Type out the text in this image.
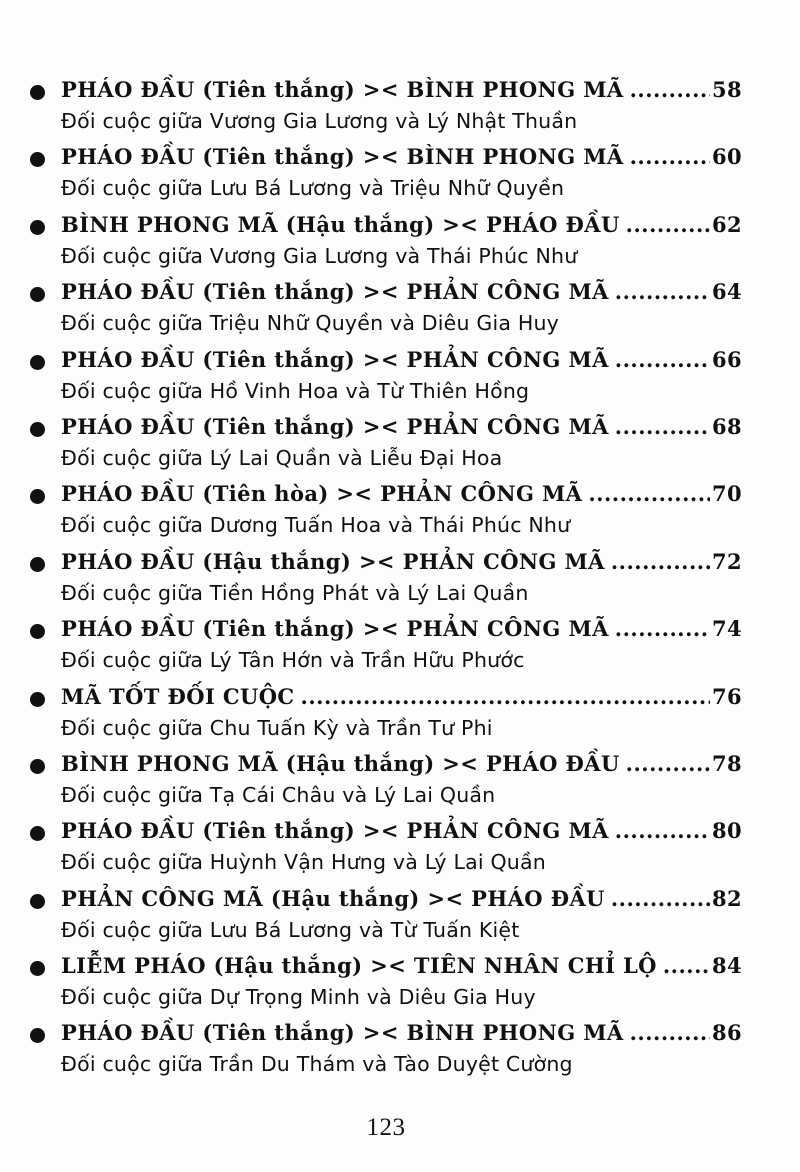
PHÁO ĐẦU (Tiên thắng) >< BÌNH PHONG MÃ .....	58
Đối cuộc giữa Vương Gia Lương và Lý Nhật Thuần
PHÁO ĐẦU (Tiên thắng) >< BÌNH PHONG MÃ .....	60
Đối cuộc giữa Lưu Bá Lương và Triệu Nhữ Quyền
BÌNH PHONG MÃ (Hậu thắng) >< PHÁO ĐẦU .....	62
Đối cuộc giữa Vương Gia Lương và Thái Phúc Như
PHÁO ĐẦU (Tiên thắng) >< PHẢN CÔNG MÃ .....	64
Đối cuộc giữa Triệu Nhữ Quyền và Diêu Gia Huy
PHÁO ĐẦU (Tiên thắng) >< PHẢN CÔNG MÃ .....	66
Đối cuộc giữa Hồ Vinh Hoa và Từ Thiên Hồng
PHÁO ĐẦU (Tiên thắng) >< PHẢN CÔNG MÃ .....	68
Đối cuộc giữa Lý Lai Quần và Liễu Đại Hoa
PHÁO ĐẦU (Tiên hòa) >< PHẢN CÔNG MÃ .....	70
Đối cuộc giữa Dương Tuấn Hoa và Thái Phúc Như
PHÁO ĐẦU (Hậu thắng) >< PHẢN CÔNG MÃ .....	72
Đối cuộc giữa Tiền Hồng Phát và Lý Lai Quần
PHÁO ĐẦU (Tiên thắng) >< PHẢN CÔNG MÃ .....	74
Đối cuộc giữa Lý Tân Hớn và Trần Hữu Phước
MÃ TỐT ĐỐI CUỘC .....	76
Đối cuộc giữa Chu Tuấn Kỳ và Trần Tư Phi
BÌNH PHONG MÃ (Hậu thắng) >< PHÁO ĐẦU .....	78
Đối cuộc giữa Tạ Cái Châu và Lý Lai Quần
PHÁO ĐẦU (Tiên thắng) >< PHẢN CÔNG MÃ .....	80
Đối cuộc giữa Huỳnh Vận Hưng và Lý Lai Quần
PHẢN CÔNG MÃ (Hậu thắng) >< PHÁO ĐẦU .....	82
Đối cuộc giữa Lưu Bá Lương và Từ Tuấn Kiệt
LIỄM PHÁO (Hậu thắng) >< TIÊN NHÂN CHỈ LỘ .....	84
Đối cuộc giữa Dự Trọng Minh và Diêu Gia Huy
PHÁO ĐẦU (Tiên thắng) >< BÌNH PHONG MÃ .....	86
Đối cuộc giữa Trần Du Thám và Tào Duyệt Cường
123
